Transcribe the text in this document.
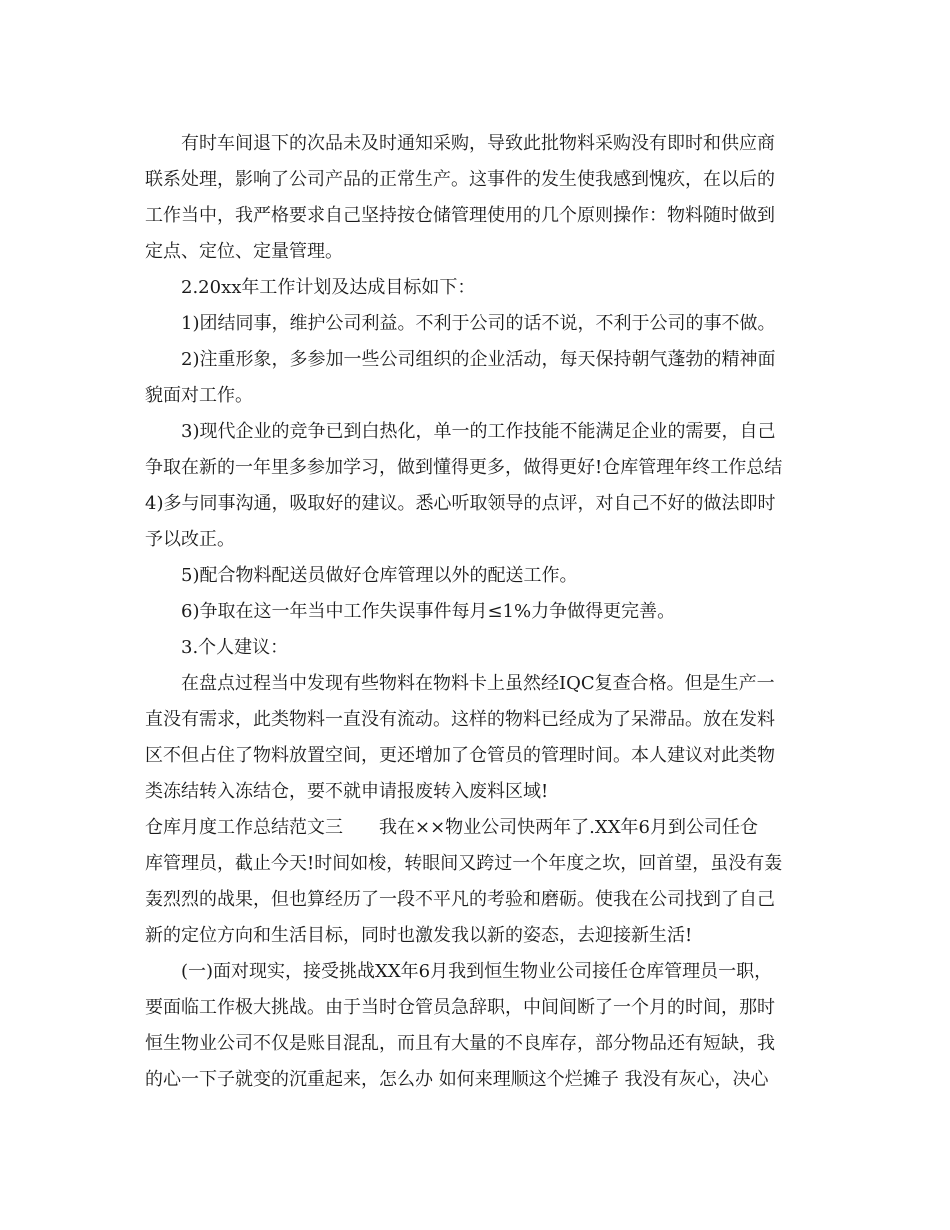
有时车间退下的次品未及时通知采购，导致此批物料采购没有即时和供应商
联系处理，影响了公司产品的正常生产。这事件的发生使我感到愧疚，在以后的
工作当中，我严格要求自己坚持按仓储管理使用的几个原则操作：物料随时做到
定点、定位、定量管理。
2.20xx年工作计划及达成目标如下：
1)团结同事，维护公司利益。不利于公司的话不说，不利于公司的事不做。
2)注重形象，多参加一些公司组织的企业活动，每天保持朝气蓬勃的精神面
貌面对工作。
3)现代企业的竞争已到白热化，单一的工作技能不能满足企业的需要，自己
争取在新的一年里多参加学习，做到懂得更多，做得更好!仓库管理年终工作总结
4)多与同事沟通，吸取好的建议。悉心听取领导的点评，对自己不好的做法即时
予以改正。
5)配合物料配送员做好仓库管理以外的配送工作。
6)争取在这一年当中工作失误事件每月≤1%力争做得更完善。
3.个人建议：
在盘点过程当中发现有些物料在物料卡上虽然经IQC复查合格。但是生产一
直没有需求，此类物料一直没有流动。这样的物料已经成为了呆滞品。放在发料
区不但占住了物料放置空间，更还增加了仓管员的管理时间。本人建议对此类物
类冻结转入冻结仓，要不就申请报废转入废料区域!
仓库月度工作总结范文三　　我在××物业公司快两年了.XX年6月到公司任仓
库管理员，截止今天!时间如梭，转眼间又跨过一个年度之坎，回首望，虽没有轰
轰烈烈的战果，但也算经历了一段不平凡的考验和磨砺。使我在公司找到了自己
新的定位方向和生活目标，同时也激发我以新的姿态，去迎接新生活!
(一)面对现实，接受挑战XX年6月我到恒生物业公司接任仓库管理员一职，
要面临工作极大挑战。由于当时仓管员急辞职，中间间断了一个月的时间，那时
恒生物业公司不仅是账目混乱，而且有大量的不良库存，部分物品还有短缺，我
的心一下子就变的沉重起来，怎么办 如何来理顺这个烂摊子 我没有灰心，决心
